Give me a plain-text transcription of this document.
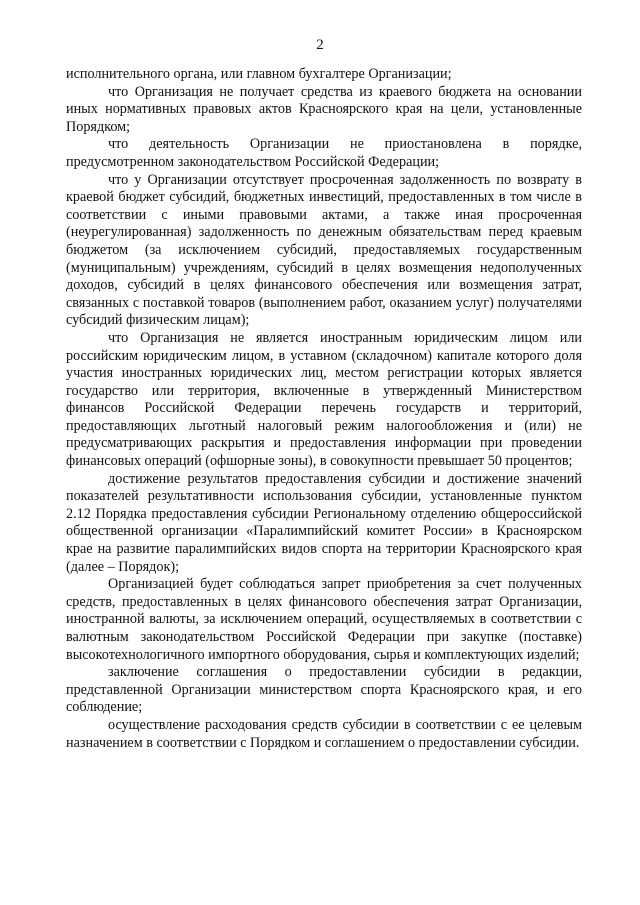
2

исполнительного органа, или главном бухгалтере Организации;

что Организация не получает средства из краевого бюджета на основании иных нормативных правовых актов Красноярского края на цели, установленные Порядком;

что деятельность Организации не приостановлена в порядке, предусмотренном законодательством Российской Федерации;

что у Организации отсутствует просроченная задолженность по возврату в краевой бюджет субсидий, бюджетных инвестиций, предоставленных в том числе в соответствии с иными правовыми актами, а также иная просроченная (неурегулированная) задолженность по денежным обязательствам перед краевым бюджетом (за исключением субсидий, предоставляемых государственным (муниципальным) учреждениям, субсидий в целях возмещения недополученных доходов, субсидий в целях финансового обеспечения или возмещения затрат, связанных с поставкой товаров (выполнением работ, оказанием услуг) получателями субсидий физическим лицам);

что Организация не является иностранным юридическим лицом или российским юридическим лицом, в уставном (складочном) капитале которого доля участия иностранных юридических лиц, местом регистрации которых является государство или территория, включенные в утвержденный Министерством финансов Российской Федерации перечень государств и территорий, предоставляющих льготный налоговый режим налогообложения и (или) не предусматривающих раскрытия и предоставления информации при проведении финансовых операций (офшорные зоны), в совокупности превышает 50 процентов;

достижение результатов предоставления субсидии и достижение значений показателей результативности использования субсидии, установленные пунктом 2.12 Порядка предоставления субсидии Региональному отделению общероссийской общественной организации «Паралимпийский комитет России» в Красноярском крае на развитие паралимпийских видов спорта на территории Красноярского края (далее – Порядок);

Организацией будет соблюдаться запрет приобретения за счет полученных средств, предоставленных в целях финансового обеспечения затрат Организации, иностранной валюты, за исключением операций, осуществляемых в соответствии с валютным законодательством Российской Федерации при закупке (поставке) высокотехнологичного импортного оборудования, сырья и комплектующих изделий;

заключение соглашения о предоставлении субсидии в редакции, представленной Организации министерством спорта Красноярского края, и его соблюдение;

осуществление расходования средств субсидии в соответствии с ее целевым назначением в соответствии с Порядком и соглашением о предоставлении субсидии.
